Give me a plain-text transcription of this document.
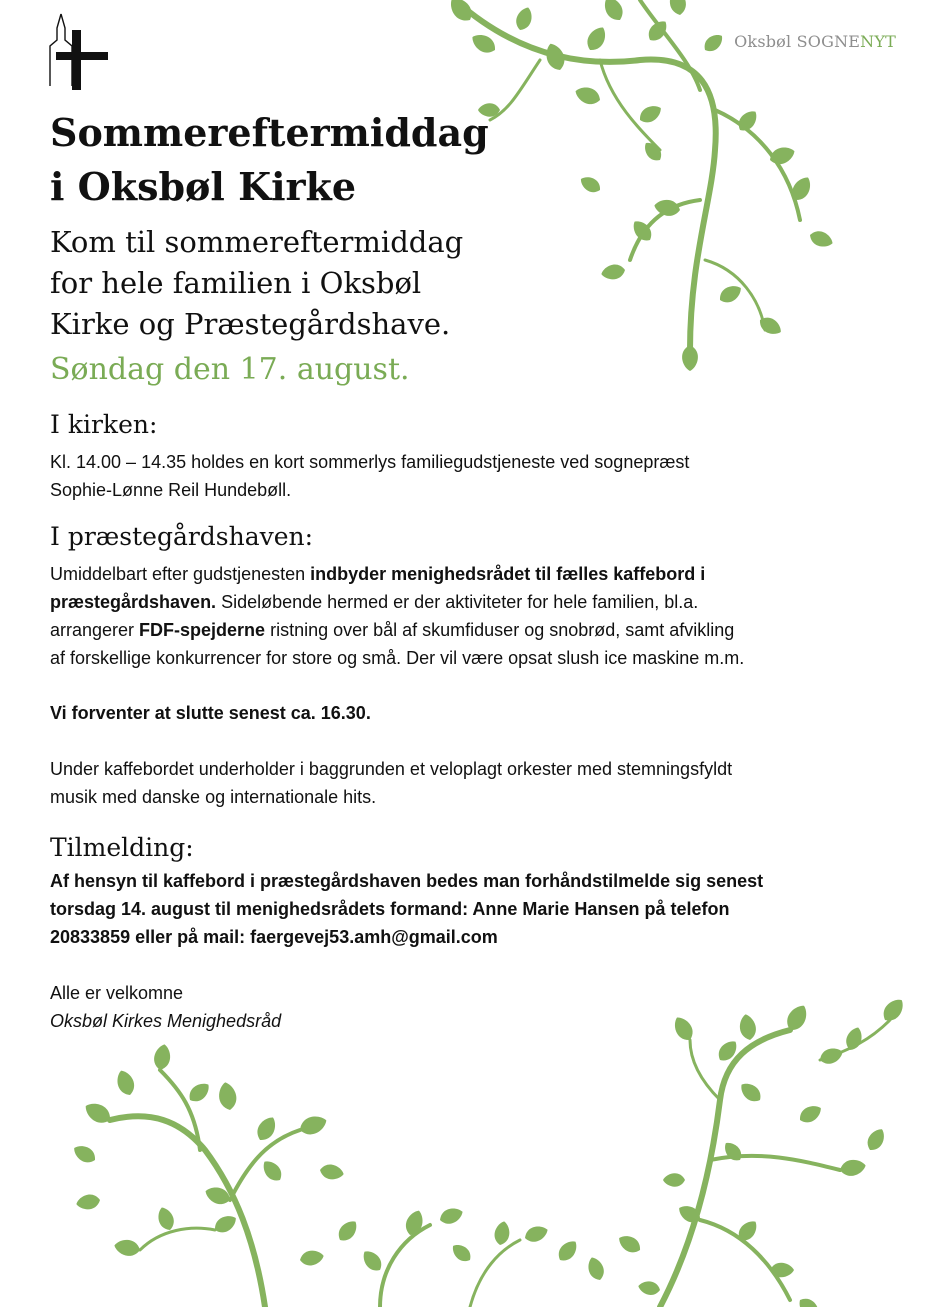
Oksbøl SOGNENYT
Sommereftermiddag
i Oksbøl Kirke

Kom til sommereftermiddag
for hele familien i Oksbøl
Kirke og Præstegårdshave.

Søndag den 17. august.

I kirken:

Kl. 14.00 – 14.35 holdes en kort sommerlys familiegudstjeneste ved sognepræst
Sophie-Lønne Reil Hundebøll.

I præstegårdshaven:

Umiddelbart efter gudstjenesten indbyder menighedsrådet til fælles kaffebord i
præstegårdshaven. Sideløbende hermed er der aktiviteter for hele familien, bl.a.
arrangerer FDF-spejderne ristning over bål af skumfiduser og snobrød, samt afvikling
af forskellige konkurrencer for store og små. Der vil være opsat slush ice maskine m.m.

Vi forventer at slutte senest ca. 16.30.

Under kaffebordet underholder i baggrunden et veloplagt orkester med stemningsfyldt
musik med danske og internationale hits.

Tilmelding:

Af hensyn til kaffebord i præstegårdshaven bedes man forhåndstilmelde sig senest
torsdag 14. august til menighedsrådets formand: Anne Marie Hansen på telefon
20833859 eller på mail: faergevej53.amh@gmail.com

Alle er velkomne
Oksbøl Kirkes Menighedsråd
